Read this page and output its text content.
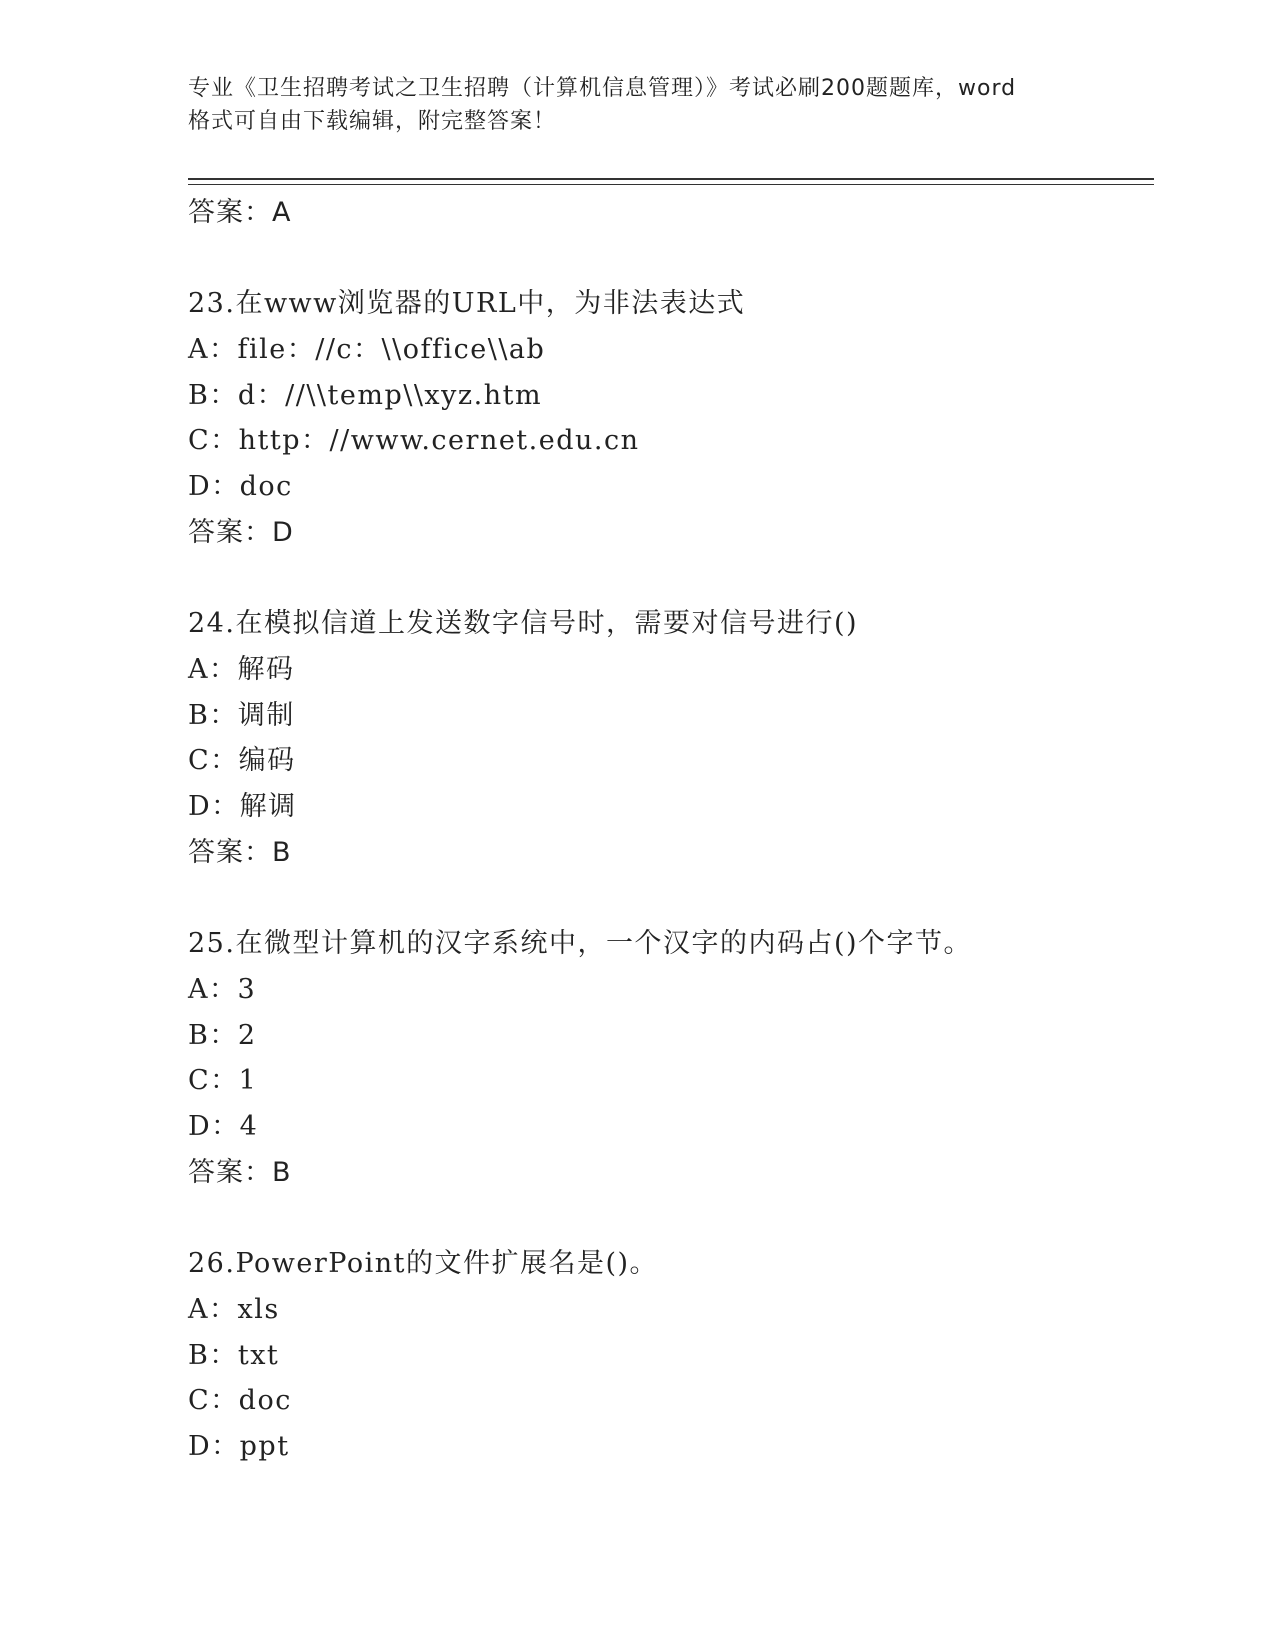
专业《卫生招聘考试之卫生招聘（计算机信息管理）》考试必刷200题题库，word
格式可自由下载编辑，附完整答案！
答案：A
23.在www浏览器的URL中，为非法表达式
A：file：//c：\\office\\ab
B：d：//\\temp\\xyz.htm
C：http：//www.cernet.edu.cn
D：doc
答案：D
24.在模拟信道上发送数字信号时，需要对信号进行()
A：解码
B：调制
C：编码
D：解调
答案：B
25.在微型计算机的汉字系统中，一个汉字的内码占()个字节。
A：3
B：2
C：1
D：4
答案：B
26.PowerPoint的文件扩展名是()。
A：xls
B：txt
C：doc
D：ppt
